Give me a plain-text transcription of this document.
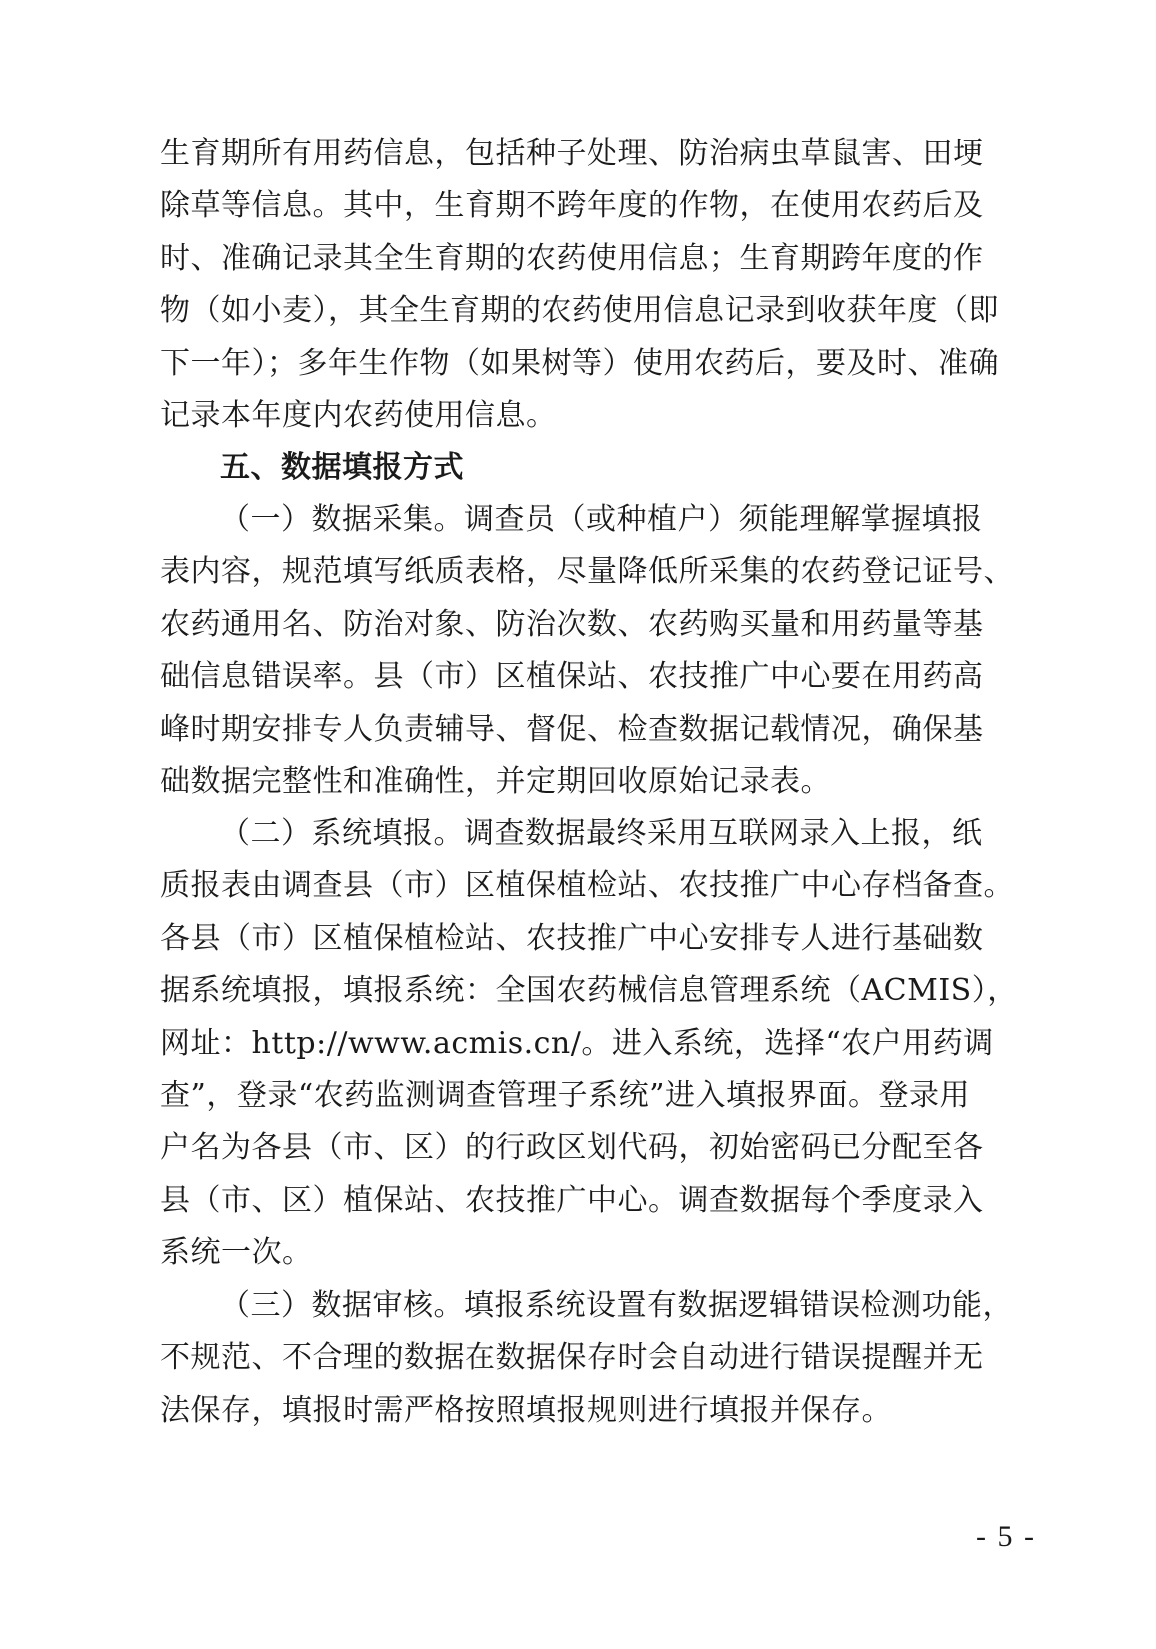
生育期所有用药信息，包括种子处理、防治病虫草鼠害、田埂
除草等信息。其中，生育期不跨年度的作物，在使用农药后及
时、准确记录其全生育期的农药使用信息；生育期跨年度的作
物（如小麦），其全生育期的农药使用信息记录到收获年度（即
下一年）；多年生作物（如果树等）使用农药后，要及时、准确
记录本年度内农药使用信息。
五、数据填报方式
（一）数据采集。调查员（或种植户）须能理解掌握填报
表内容，规范填写纸质表格，尽量降低所采集的农药登记证号、
农药通用名、防治对象、防治次数、农药购买量和用药量等基
础信息错误率。县（市）区植保站、农技推广中心要在用药高
峰时期安排专人负责辅导、督促、检查数据记载情况，确保基
础数据完整性和准确性，并定期回收原始记录表。
（二）系统填报。调查数据最终采用互联网录入上报，纸
质报表由调查县（市）区植保植检站、农技推广中心存档备查。
各县（市）区植保植检站、农技推广中心安排专人进行基础数
据系统填报，填报系统：全国农药械信息管理系统（ACMIS），
网址：http://www.acmis.cn/。进入系统，选择“农户用药调
查”，登录“农药监测调查管理子系统”进入填报界面。登录用
户名为各县（市、区）的行政区划代码，初始密码已分配至各
县（市、区）植保站、农技推广中心。调查数据每个季度录入
系统一次。
（三）数据审核。填报系统设置有数据逻辑错误检测功能，
不规范、不合理的数据在数据保存时会自动进行错误提醒并无
法保存，填报时需严格按照填报规则进行填报并保存。
- 5 -
